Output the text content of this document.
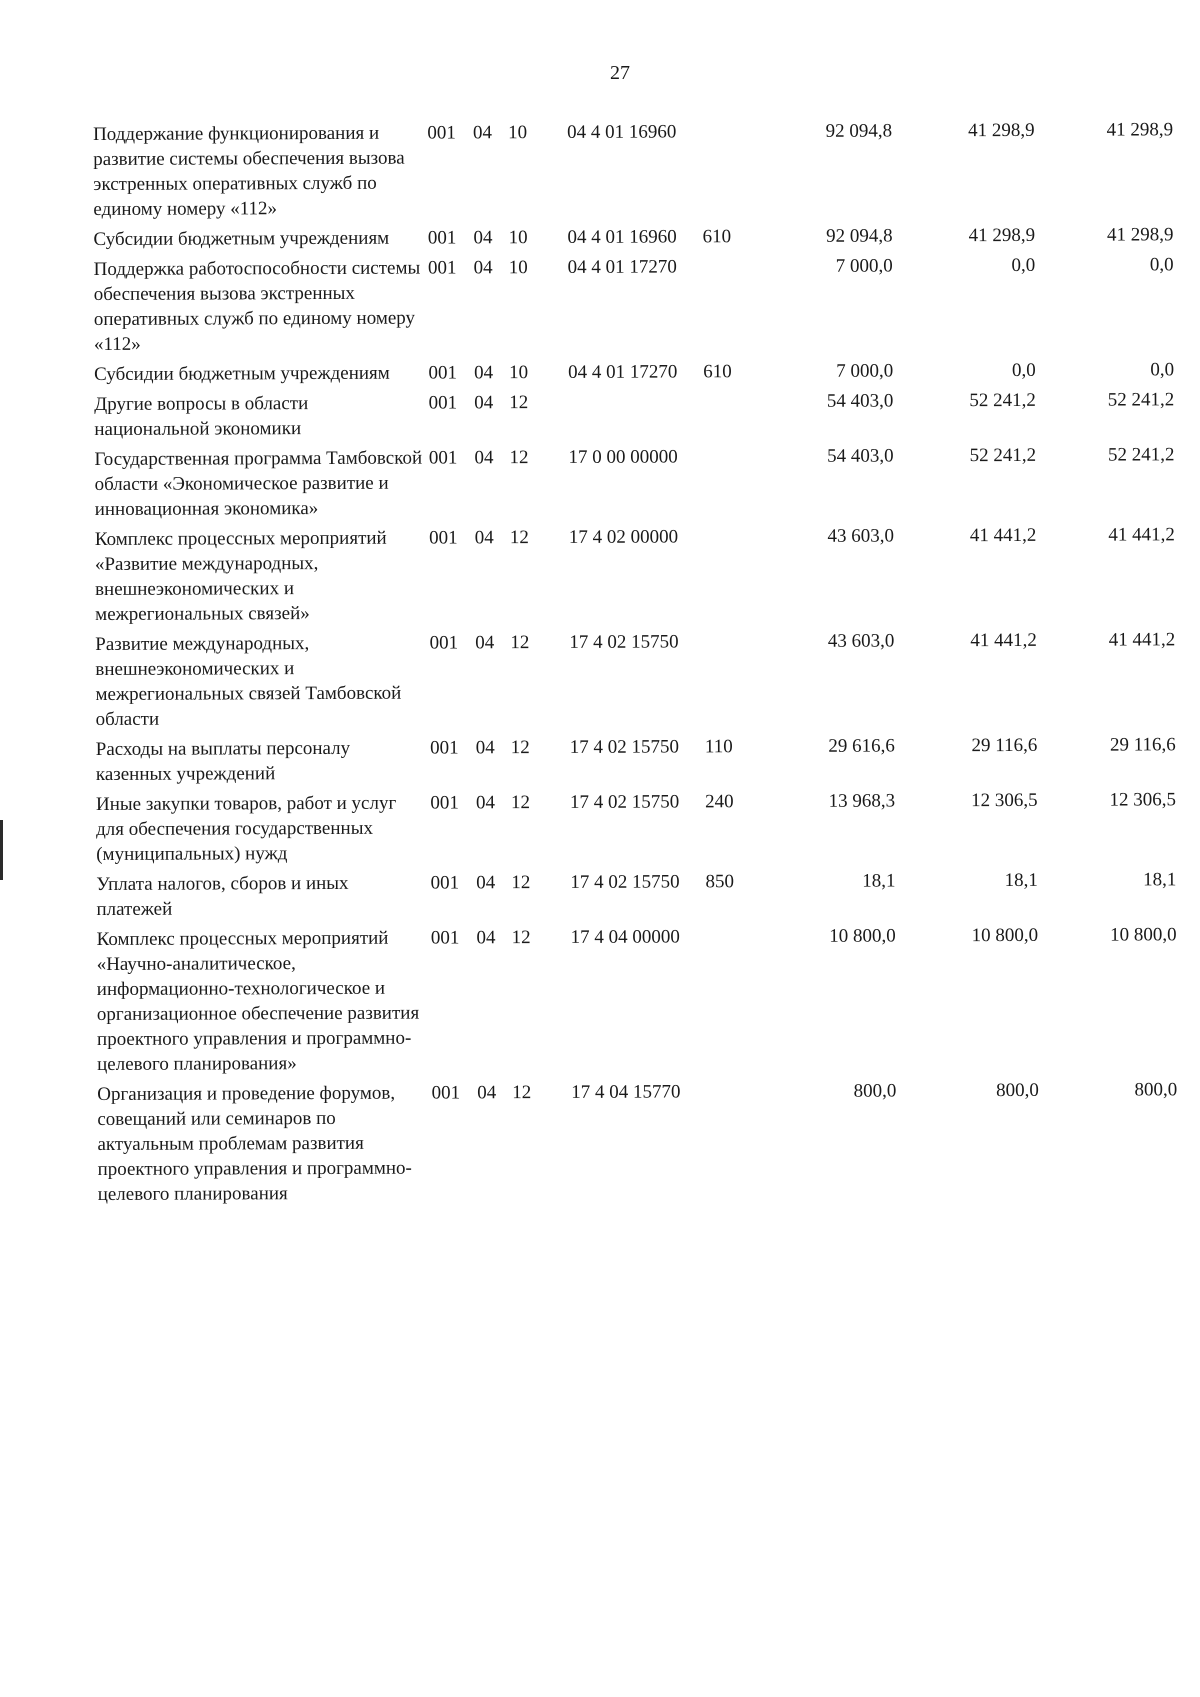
27
Поддержание функционирования и развитие системы обеспечения вызова экстренных оперативных служб по единому номеру «112»	001	04	10	04 4 01 16960		92 094,8	41 298,9	41 298,9
Субсидии бюджетным учреждениям	001	04	10	04 4 01 16960	610	92 094,8	41 298,9	41 298,9
Поддержка работоспособности системы обеспечения вызова экстренных оперативных служб по единому номеру «112»	001	04	10	04 4 01 17270		7 000,0	0,0	0,0
Субсидии бюджетным учреждениям	001	04	10	04 4 01 17270	610	7 000,0	0,0	0,0
Другие вопросы в области национальной экономики	001	04	12			54 403,0	52 241,2	52 241,2
Государственная программа Тамбовской области «Экономическое развитие и инновационная экономика»	001	04	12	17 0 00 00000		54 403,0	52 241,2	52 241,2
Комплекс процессных мероприятий «Развитие международных, внешнеэкономических и межрегиональных связей»	001	04	12	17 4 02 00000		43 603,0	41 441,2	41 441,2
Развитие международных, внешнеэкономических и межрегиональных связей Тамбовской области	001	04	12	17 4 02 15750		43 603,0	41 441,2	41 441,2
Расходы на выплаты персоналу казенных учреждений	001	04	12	17 4 02 15750	110	29 616,6	29 116,6	29 116,6
Иные закупки товаров, работ и услуг для обеспечения государственных (муниципальных) нужд	001	04	12	17 4 02 15750	240	13 968,3	12 306,5	12 306,5
Уплата налогов, сборов и иных платежей	001	04	12	17 4 02 15750	850	18,1	18,1	18,1
Комплекс процессных мероприятий «Научно-аналитическое, информационно-технологическое и организационное обеспечение развития проектного управления и программно-целевого планирования»	001	04	12	17 4 04 00000		10 800,0	10 800,0	10 800,0
Организация и проведение форумов, совещаний или семинаров по актуальным проблемам развития проектного управления и программно-целевого планирования	001	04	12	17 4 04 15770		800,0	800,0	800,0
